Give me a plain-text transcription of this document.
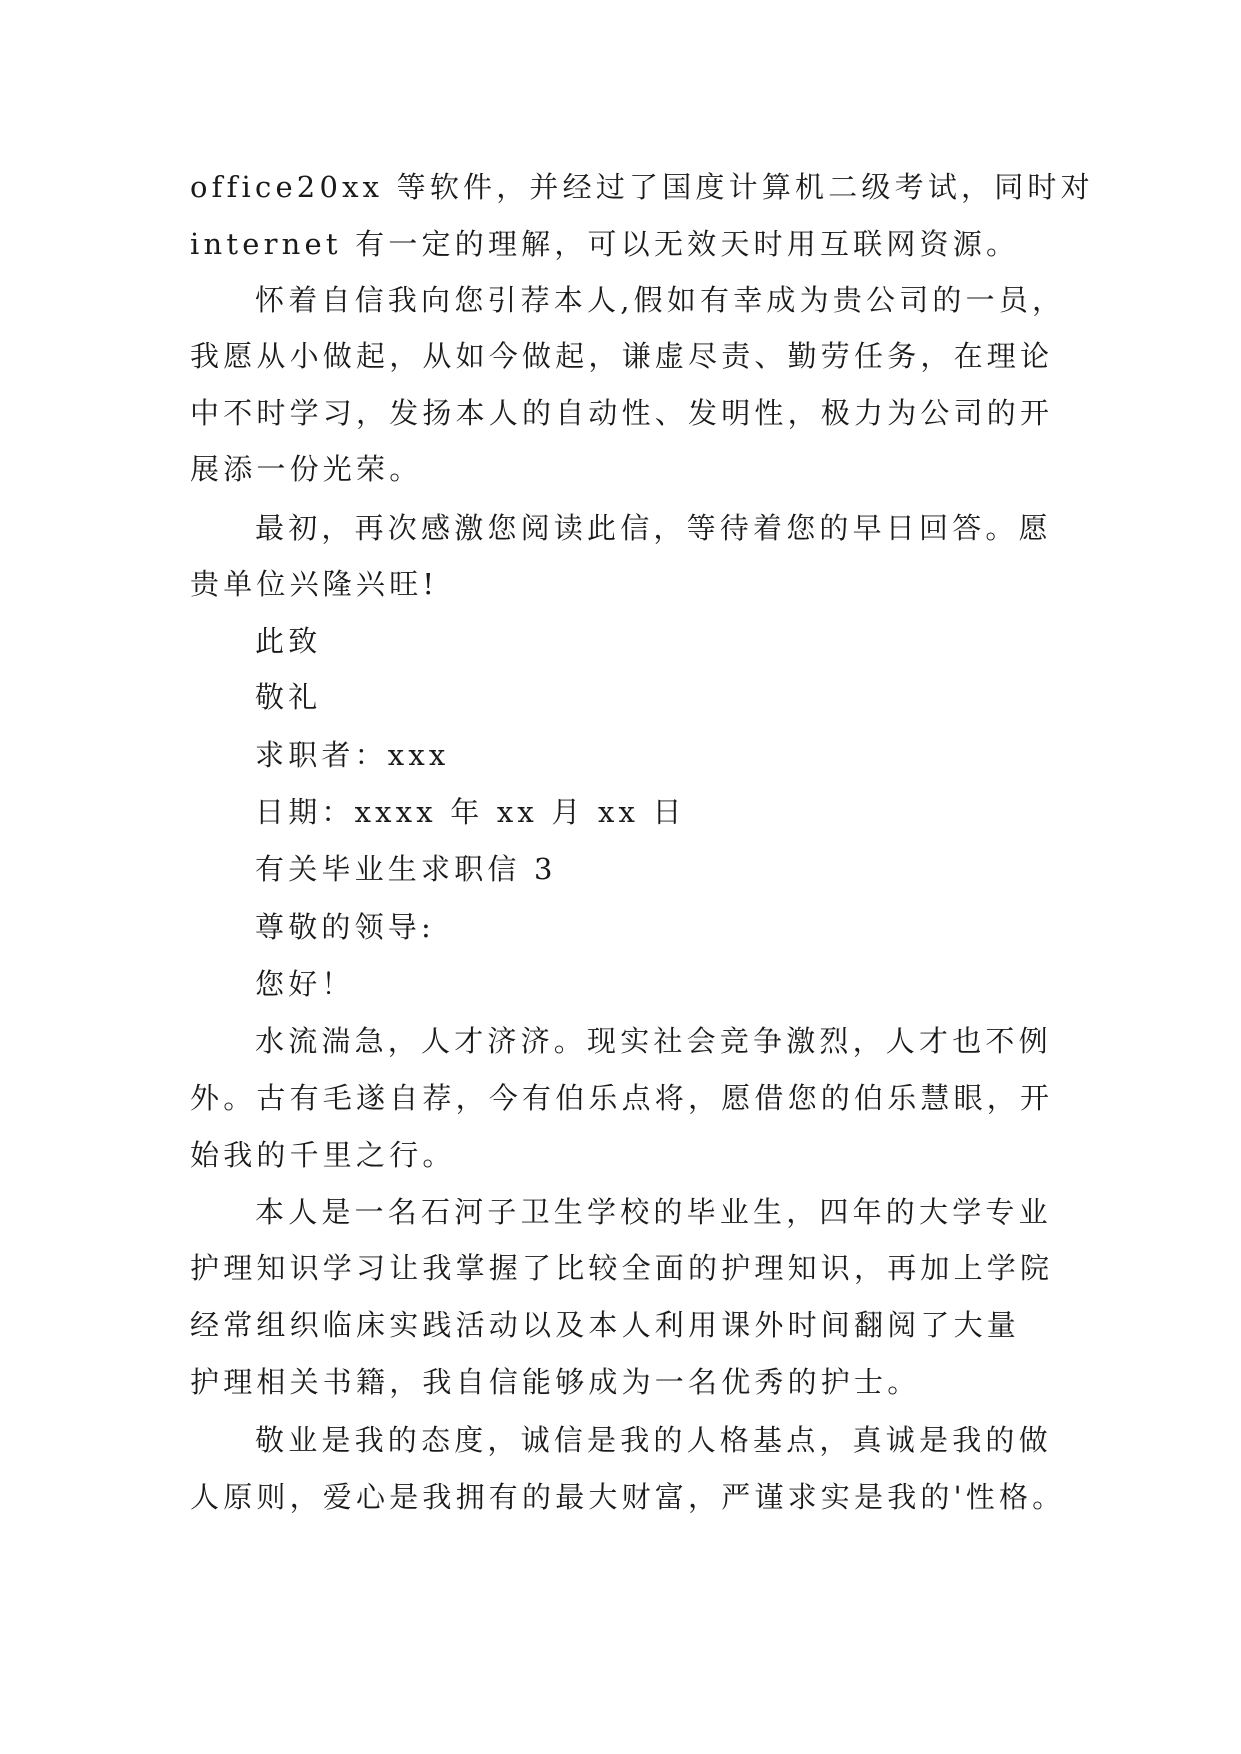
office20xx 等软件，并经过了国度计算机二级考试，同时对
internet 有一定的理解，可以无效天时用互联网资源。
怀着自信我向您引荐本人,假如有幸成为贵公司的一员，
我愿从小做起，从如今做起，谦虚尽责、勤劳任务，在理论
中不时学习，发扬本人的自动性、发明性，极力为公司的开
展添一份光荣。
最初，再次感激您阅读此信，等待着您的早日回答。愿
贵单位兴隆兴旺!
此致
敬礼
求职者：xxx
日期：xxxx 年 xx 月 xx 日
有关毕业生求职信 3
尊敬的领导:
您好！
水流湍急，人才济济。现实社会竞争激烈，人才也不例
外。古有毛遂自荐，今有伯乐点将，愿借您的伯乐慧眼，开
始我的千里之行。
本人是一名石河子卫生学校的毕业生，四年的大学专业
护理知识学习让我掌握了比较全面的护理知识，再加上学院
经常组织临床实践活动以及本人利用课外时间翻阅了大量
护理相关书籍，我自信能够成为一名优秀的护士。
敬业是我的态度，诚信是我的人格基点，真诚是我的做
人原则，爱心是我拥有的最大财富，严谨求实是我的'性格。
